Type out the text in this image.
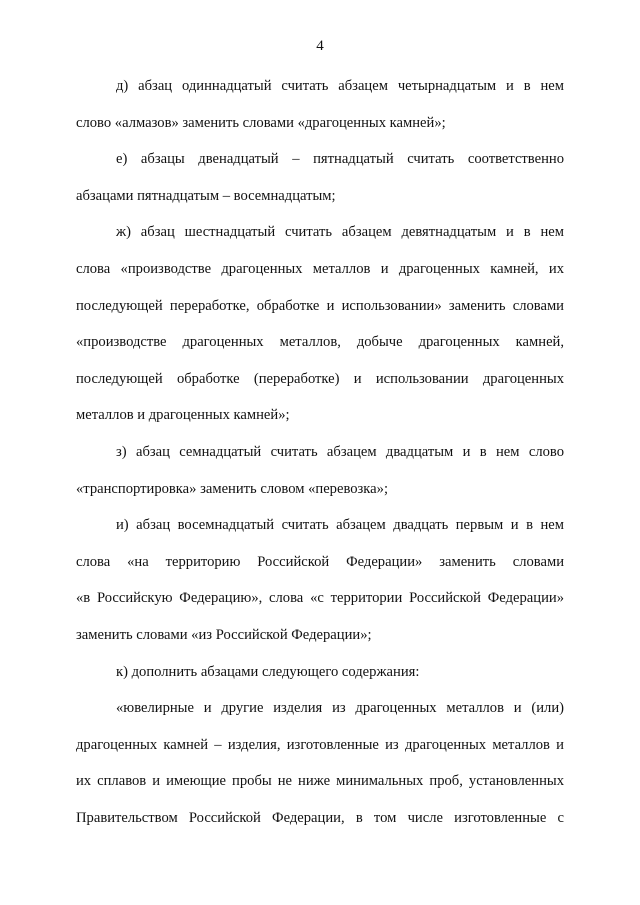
4
д) абзац одиннадцатый считать абзацем четырнадцатым и в нем
слово «алмазов» заменить словами «драгоценных камней»;
е) абзацы двенадцатый – пятнадцатый считать соответственно
абзацами пятнадцатым – восемнадцатым;
ж) абзац шестнадцатый считать абзацем девятнадцатым и в нем
слова «производстве драгоценных металлов и драгоценных камней, их
последующей переработке, обработке и использовании» заменить словами
«производстве драгоценных металлов, добыче драгоценных камней,
последующей обработке (переработке) и использовании драгоценных
металлов и драгоценных камней»;
з) абзац семнадцатый считать абзацем двадцатым и в нем слово
«транспортировка» заменить словом «перевозка»;
и) абзац восемнадцатый считать абзацем двадцать первым и в нем
слова «на территорию Российской Федерации» заменить словами
«в Российскую Федерацию», слова «с территории Российской Федерации»
заменить словами «из Российской Федерации»;
к) дополнить абзацами следующего содержания:
«ювелирные и другие изделия из драгоценных металлов и (или)
драгоценных камней – изделия, изготовленные из драгоценных металлов и
их сплавов и имеющие пробы не ниже минимальных проб, установленных
Правительством Российской Федерации, в том числе изготовленные с
